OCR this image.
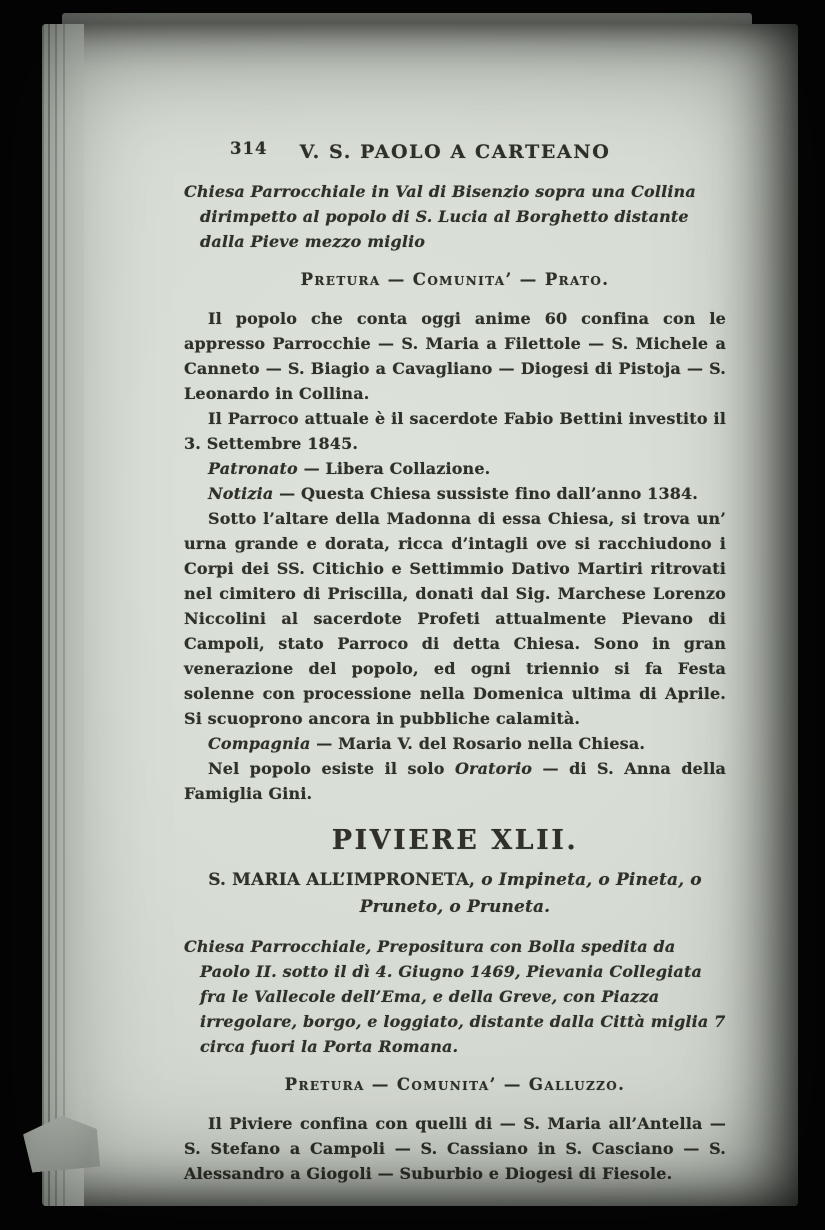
314	V. S. PAOLO A CARTEANO

Chiesa Parrocchiale in Val di Bisenzio sopra una Collina dirimpetto al popolo di S. Lucia al Borghetto distante dalla Pieve mezzo miglio

Pretura — Comunita’ — Prato.

Il popolo che conta oggi anime 60 confina con le appresso Parrocchie — S. Maria a Filettole — S. Michele a Canneto — S. Biagio a Cavagliano — Diogesi di Pistoja — S. Leonardo in Collina.

Il Parroco attuale è il sacerdote Fabio Bettini investito il 3. Settembre 1845.

Patronato — Libera Collazione.

Notizia — Questa Chiesa sussiste fino dall’anno 1384.

Sotto l’altare della Madonna di essa Chiesa, si trova un’ urna grande e dorata, ricca d’intagli ove si racchiudono i Corpi dei SS. Citichio e Settimmio Dativo Martiri ritrovati nel cimitero di Priscilla, donati dal Sig. Marchese Lorenzo Niccolini al sacerdote Profeti attualmente Pievano di Campoli, stato Parroco di detta Chiesa. Sono in gran venerazione del popolo, ed ogni triennio si fa Festa solenne con processione nella Domenica ultima di Aprile. Si scuoprono ancora in pubbliche calamità.

Compagnia — Maria V. del Rosario nella Chiesa.

Nel popolo esiste il solo Oratorio — di S. Anna della Famiglia Gini.

PIVIERE XLII.

S. MARIA ALL’IMPRONETA, o Impineta, o Pineta, o Pruneto, o Pruneta.

Chiesa Parrocchiale, Prepositura con Bolla spedita da Paolo II. sotto il dì 4. Giugno 1469, Pievania Collegiata fra le Vallecole dell’Ema, e della Greve, con Piazza irregolare, borgo, e loggiato, distante dalla Città miglia 7 circa fuori la Porta Romana.

Pretura — Comunita’ — Galluzzo.

Il Piviere confina con quelli di — S. Maria all’Antella — S. Stefano a Campoli — S. Cassiano in S. Casciano — S. Alessandro a Giogoli — Suburbio e Diogesi di Fiesole.
